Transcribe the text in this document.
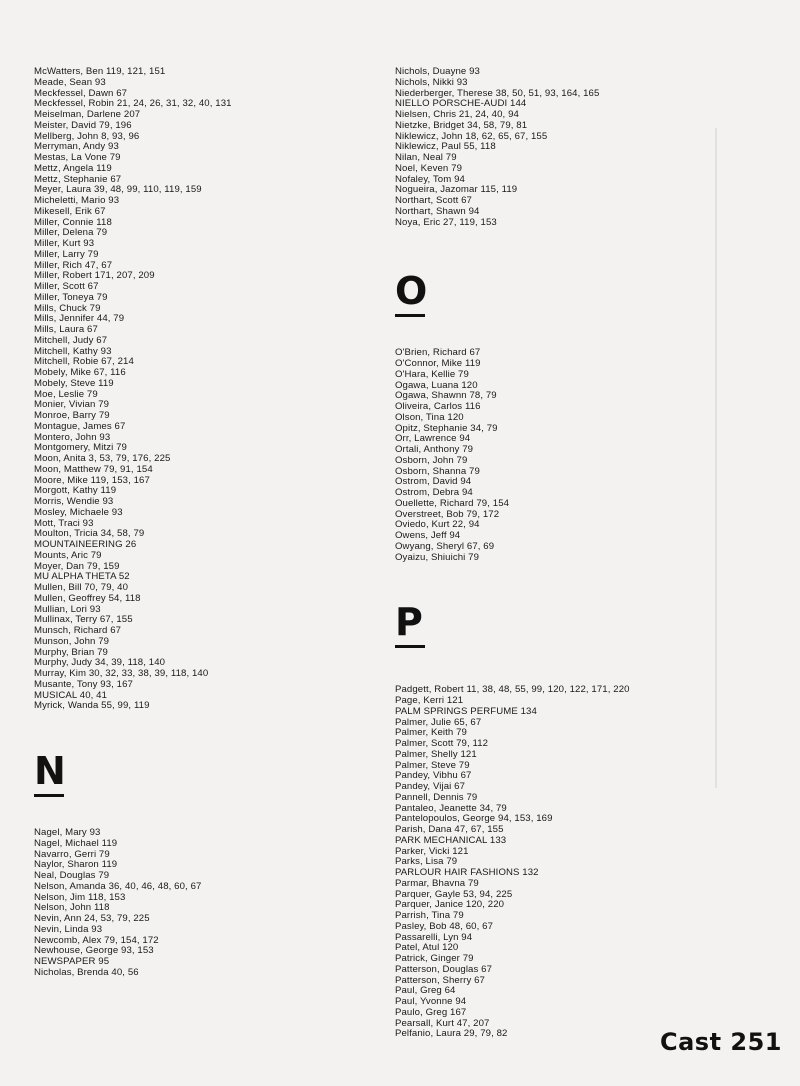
McWatters, Ben 119, 121, 151
Meade, Sean 93
Meckfessel, Dawn 67
Meckfessel, Robin 21, 24, 26, 31, 32, 40, 131
Meiselman, Darlene 207
Meister, David 79, 196
Mellberg, John 8, 93, 96
Merryman, Andy 93
Mestas, La Vone 79
Mettz, Angela 119
Mettz, Stephanie 67
Meyer, Laura 39, 48, 99, 110, 119, 159
Micheletti, Mario 93
Mikesell, Erik 67
Miller, Connie 118
Miller, Delena 79
Miller, Kurt 93
Miller, Larry 79
Miller, Rich 47, 67
Miller, Robert 171, 207, 209
Miller, Scott 67
Miller, Toneya 79
Mills, Chuck 79
Mills, Jennifer 44, 79
Mills, Laura 67
Mitchell, Judy 67
Mitchell, Kathy 93
Mitchell, Robie 67, 214
Mobely, Mike 67, 116
Mobely, Steve 119
Moe, Leslie 79
Monier, Vivian 79
Monroe, Barry 79
Montague, James 67
Montero, John 93
Montgomery, Mitzi 79
Moon, Anita 3, 53, 79, 176, 225
Moon, Matthew 79, 91, 154
Moore, Mike 119, 153, 167
Morgott, Kathy 119
Morris, Wendie 93
Mosley, Michaele 93
Mott, Traci 93
Moulton, Tricia 34, 58, 79
MOUNTAINEERING 26
Mounts, Aric 79
Moyer, Dan 79, 159
MU ALPHA THETA 52
Mullen, Bill 70, 79, 40
Mullen, Geoffrey 54, 118
Mullian, Lori 93
Mullinax, Terry 67, 155
Munsch, Richard 67
Munson, John 79
Murphy, Brian 79
Murphy, Judy 34, 39, 118, 140
Murray, Kim 30, 32, 33, 38, 39, 118, 140
Musante, Tony 93, 167
MUSICAL 40, 41
Myrick, Wanda 55, 99, 119
N
Nagel, Mary 93
Nagel, Michael 119
Navarro, Gerri 79
Naylor, Sharon 119
Neal, Douglas 79
Nelson, Amanda 36, 40, 46, 48, 60, 67
Nelson, Jim 118, 153
Nelson, John 118
Nevin, Ann 24, 53, 79, 225
Nevin, Linda 93
Newcomb, Alex 79, 154, 172
Newhouse, George 93, 153
NEWSPAPER 95
Nicholas, Brenda 40, 56
Nichols, Duayne 93
Nichols, Nikki 93
Niederberger, Therese 38, 50, 51, 93, 164, 165
NIELLO PORSCHE-AUDI 144
Nielsen, Chris 21, 24, 40, 94
Nietzke, Bridget 34, 58, 79, 81
Niklewicz, John 18, 62, 65, 67, 155
Niklewicz, Paul 55, 118
Nilan, Neal 79
Noel, Keven 79
Nofaley, Tom 94
Nogueira, Jazomar 115, 119
Northart, Scott 67
Northart, Shawn 94
Noya, Eric 27, 119, 153
O
O'Brien, Richard 67
O'Connor, Mike 119
O'Hara, Kellie 79
Ogawa, Luana 120
Ogawa, Shawnn 78, 79
Oliveira, Carlos 116
Olson, Tina 120
Opitz, Stephanie 34, 79
Orr, Lawrence 94
Ortali, Anthony 79
Osborn, John 79
Osborn, Shanna 79
Ostrom, David 94
Ostrom, Debra 94
Ouellette, Richard 79, 154
Overstreet, Bob 79, 172
Oviedo, Kurt 22, 94
Owens, Jeff 94
Owyang, Sheryl 67, 69
Oyaizu, Shiuichi 79
P
Padgett, Robert 11, 38, 48, 55, 99, 120, 122, 171, 220
Page, Kerri 121
PALM SPRINGS PERFUME 134
Palmer, Julie 65, 67
Palmer, Keith 79
Palmer, Scott 79, 112
Palmer, Shelly 121
Palmer, Steve 79
Pandey, Vibhu 67
Pandey, Vijai 67
Pannell, Dennis 79
Pantaleo, Jeanette 34, 79
Pantelopoulos, George 94, 153, 169
Parish, Dana 47, 67, 155
PARK MECHANICAL 133
Parker, Vicki 121
Parks, Lisa 79
PARLOUR HAIR FASHIONS 132
Parmar, Bhavna 79
Parquer, Gayle 53, 94, 225
Parquer, Janice 120, 220
Parrish, Tina 79
Pasley, Bob 48, 60, 67
Passarelli, Lyn 94
Patel, Atul 120
Patrick, Ginger 79
Patterson, Douglas 67
Patterson, Sherry 67
Paul, Greg 64
Paul, Yvonne 94
Paulo, Greg 167
Pearsall, Kurt 47, 207
Pelfanio, Laura 29, 79, 82	Cast 251
